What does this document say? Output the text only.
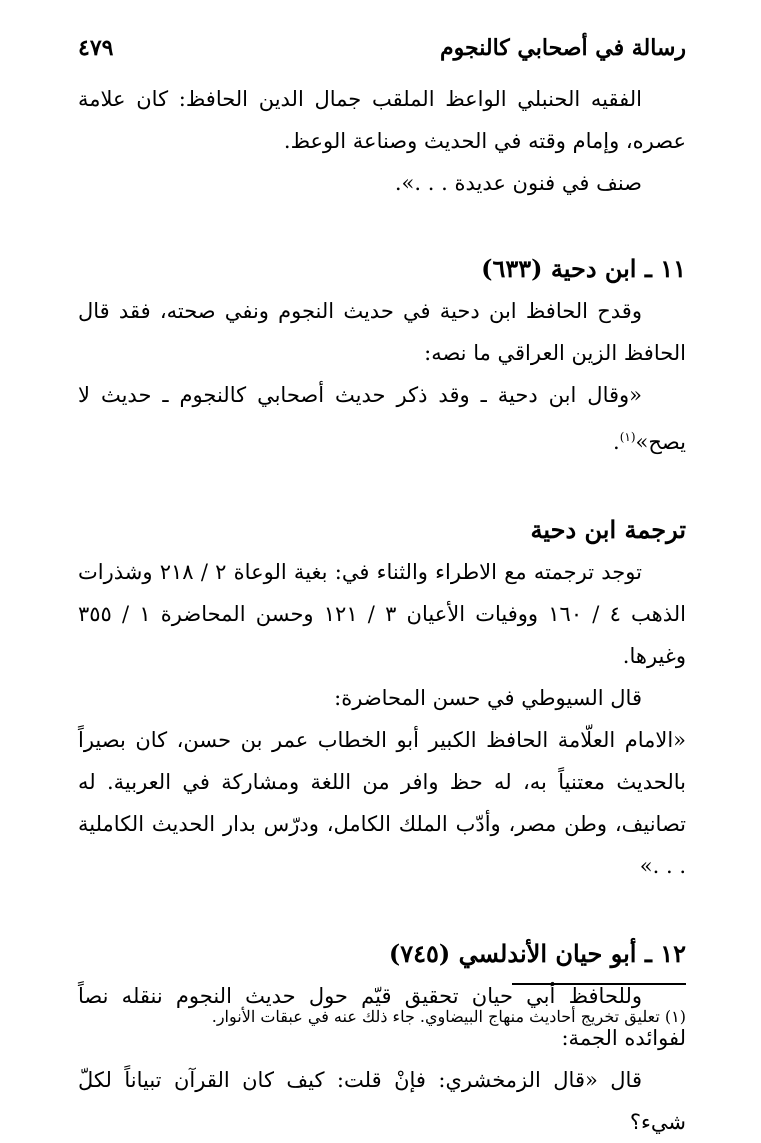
رسالة في أصحابي كالنجوم
٤٧٩

الفقيه الحنبلي الواعظ الملقب جمال الدين الحافظ: كان علامة عصره، وإمام وقته في الحديث وصناعة الوعظ.

صنف في فنون عديدة . . .».

١١ ـ ابن دحية (٦٣٣)

وقدح الحافظ ابن دحية في حديث النجوم ونفي صحته، فقد قال الحافظ الزين العراقي ما نصه:

«وقال ابن دحية ـ وقد ذكر حديث أصحابي كالنجوم ـ حديث لا يصح»$^{(١)}$.

ترجمة ابن دحية

توجد ترجمته مع الاطراء والثناء في: بغية الوعاة ٢ / ٢١٨ وشذرات الذهب ٤ / ١٦٠ ووفيات الأعيان ٣ / ١٢١ وحسن المحاضرة ١ / ٣٥٥ وغيرها.

قال السيوطي في حسن المحاضرة:

«الامام العلّامة الحافظ الكبير أبو الخطاب عمر بن حسن، كان بصيراً بالحديث معتنياً به، له حظ وافر من اللغة ومشاركة في العربية. له تصانيف، وطن مصر، وأدّب الملك الكامل، ودرّس بدار الحديث الكاملية . . .»

١٢ ـ أبو حيان الأندلسي (٧٤٥)

وللحافظ أبي حيان تحقيق قيّم حول حديث النجوم ننقله نصاً لفوائده الجمة:

قال «قال الزمخشري: فإنْ قلت: كيف كان القرآن تبياناً لكلّ شيء؟

(١) تعليق تخريج أحاديث منهاج البيضاوي. جاء ذلك عنه في عبقات الأنوار.
